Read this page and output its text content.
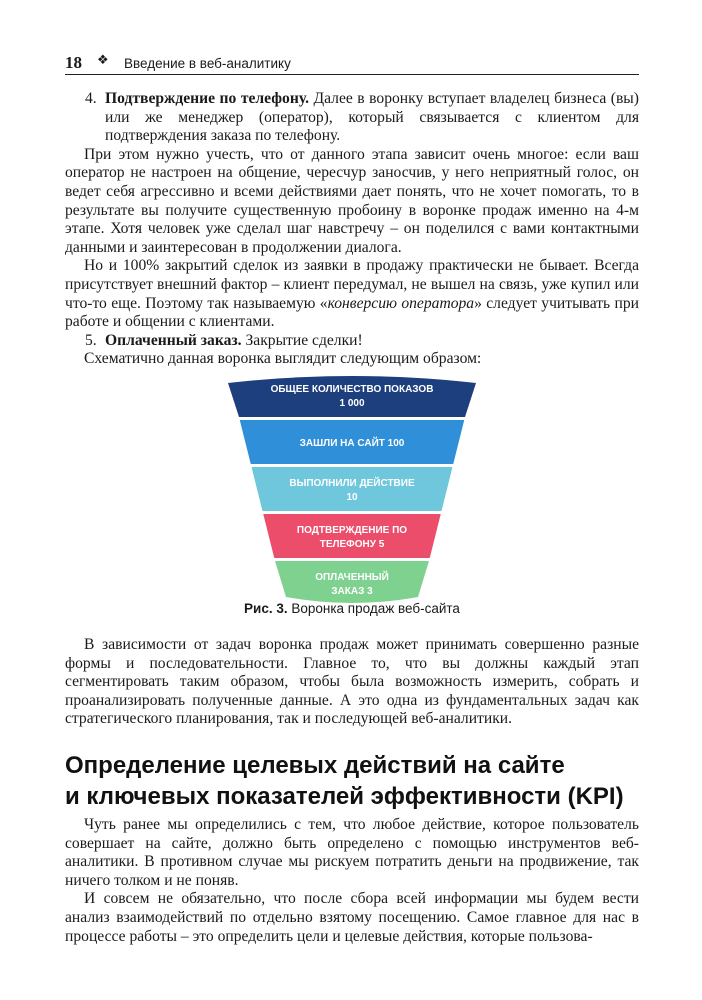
18 ❖ Введение в веб-аналитику

4. Подтверждение по телефону. Далее в воронку вступает владелец бизнеса (вы) или же менеджер (оператор), который связывается с клиентом для подтверждения заказа по телефону.

При этом нужно учесть, что от данного этапа зависит очень многое: если ваш оператор не настроен на общение, чересчур заносчив, у него неприятный голос, он ведет себя агрессивно и всеми действиями дает понять, что не хочет помогать, то в результате вы получите существенную пробоину в воронке продаж именно на 4-м этапе. Хотя человек уже сделал шаг навстречу – он поделился с вами контактными данными и заинтересован в продолжении диалога.

Но и 100% закрытий сделок из заявки в продажу практически не бывает. Всегда присутствует внешний фактор – клиент передумал, не вышел на связь, уже купил или что-то еще. Поэтому так называемую «конверсию оператора» следует учитывать при работе и общении с клиентами.

5. Оплаченный заказ. Закрытие сделки!

Схематично данная воронка выглядит следующим образом:

ОБЩЕЕ КОЛИЧЕСТВО ПОКАЗОВ
1 000
ЗАШЛИ НА САЙТ 100
ВЫПОЛНИЛИ ДЕЙСТВИЕ
10
ПОДТВЕРЖДЕНИЕ ПО
ТЕЛЕФОНУ 5
ОПЛАЧЕННЫЙ
ЗАКАЗ 3
Рис. 3. Воронка продаж веб-сайта

В зависимости от задач воронка продаж может принимать совершенно разные формы и последовательности. Главное то, что вы должны каждый этап сегментировать таким образом, чтобы была возможность измерить, собрать и проанализировать полученные данные. А это одна из фундаментальных задач как стратегического планирования, так и последующей веб-аналитики.

Определение целевых действий на сайте
и ключевых показателей эффективности (KPI)

Чуть ранее мы определились с тем, что любое действие, которое пользователь совершает на сайте, должно быть определено с помощью инструментов веб-аналитики. В противном случае мы рискуем потратить деньги на продвижение, так ничего толком и не поняв.

И совсем не обязательно, что после сбора всей информации мы будем вести анализ взаимодействий по отдельно взятому посещению. Самое главное для нас в процессе работы – это определить цели и целевые действия, которые пользова-
